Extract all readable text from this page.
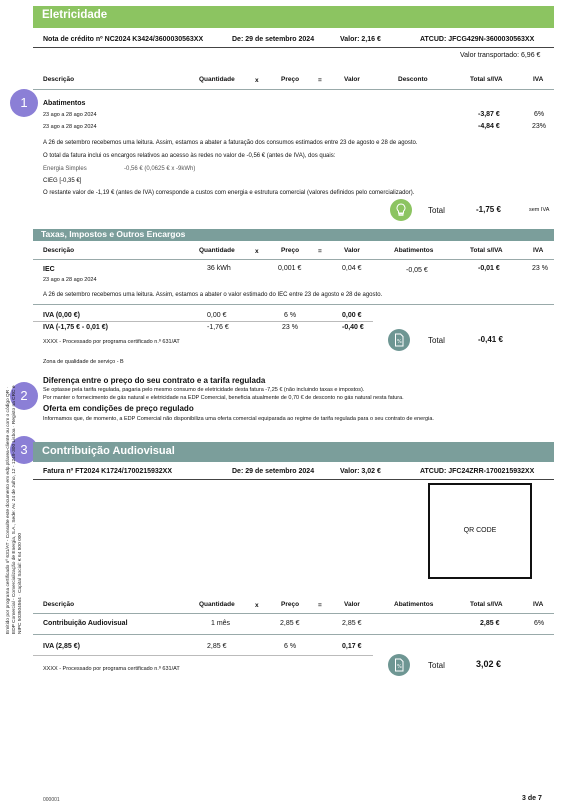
Eletricidade
Nota de crédito nº NC2024 K3424/3600030563XX	De: 29 de setembro 2024	Valor: 2,16 €	ATCUD: JFCG429N-3600030563XX
Valor transportado: 6,96 €
Descrição	Quantidade	x	Preço	=	Valor	Desconto	Total s/IVA	IVA
1	Abatimentos
23 ago a 28 ago 2024	-3,87 €	6%
23 ago a 28 ago 2024	-4,84 €	23%
A 26 de setembro recebemos uma leitura. Assim, estamos a abater a faturação dos consumos estimados entre 23 de agosto e 28 de agosto.
O total da fatura inclui os encargos relativos ao acesso às redes no valor de -0,56 € (antes de IVA), dos quais:
Energia Simples	-0,56 € (0,0625 € x -9kWh)
CIEG [-0,35 €]
O restante valor de -1,19 € (antes de IVA) corresponde a custos com energia e estrutura comercial (valores definidos pelo comercializador).
Total	-1,75 €	sem IVA
Taxas, Impostos e Outros Encargos
Descrição	Quantidade	x	Preço	=	Valor	Abatimentos	Total s/IVA	IVA
IEC
23 ago a 28 ago 2024
36 kWh	0,001 €	0,04 €	-0,05 €	-0,01 €	23 %
A 26 de setembro recebemos uma leitura. Assim, estamos a abater o valor estimado do IEC entre 23 de agosto e 28 de agosto.
IVA (0,00 €)	0,00 €	6 %	0,00 €
IVA (-1,75 € - 0,01 €)	-1,76 €	23 %	-0,40 €
XXXX - Processado por programa certificado n.º 631/AT	%	Total	-0,41 €
Zona de qualidade de serviço - B
2
Diferença entre o preço do seu contrato e a tarifa regulada
Se optasse pela tarifa regulada, pagaria pelo mesmo consumo de eletricidade desta fatura -7,25 € (não incluindo taxas e impostos).
Por manter o fornecimento de gás natural e eletricidade na EDP Comercial, beneficia atualmente de 0,70 € de desconto no gás natural nesta fatura.
Oferta em condições de preço regulado
Informamos que, de momento, a EDP Comercial não disponibiliza uma oferta comercial equiparada ao regime de tarifa regulada para o seu contrato de energia.
3	Contribuição Audiovisual
Fatura nº FT2024 K1724/1700215932XX	De: 29 de setembro 2024	Valor: 3,02 €	ATCUD: JFC24ZRR-1700215932XX
QR CODE
Descrição	Quantidade	x	Preço	=	Valor	Abatimentos	Total s/IVA	IVA
Contribuição Audiovisual	1 mês	2,85 €	2,85 €	2,85 €	6%
IVA (2,85 €)	2,85 €	6 %	0,17 €
XXXX - Processado por programa certificado n.º 631/AT	%	Total	3,02 €
Emitido por programa certificado nº 631/AT - Consulte este documento em edp.pt/area-cliente ou com o código QR · EDP Comercial - Comercialização de Energia, S.A., Sede: Av. 24 de Julho, 12 - 1249-300 Lisboa · Registo na CRC e NIPC 503504564 · Capital Social: € 64 500 000
000001	3 de 7
